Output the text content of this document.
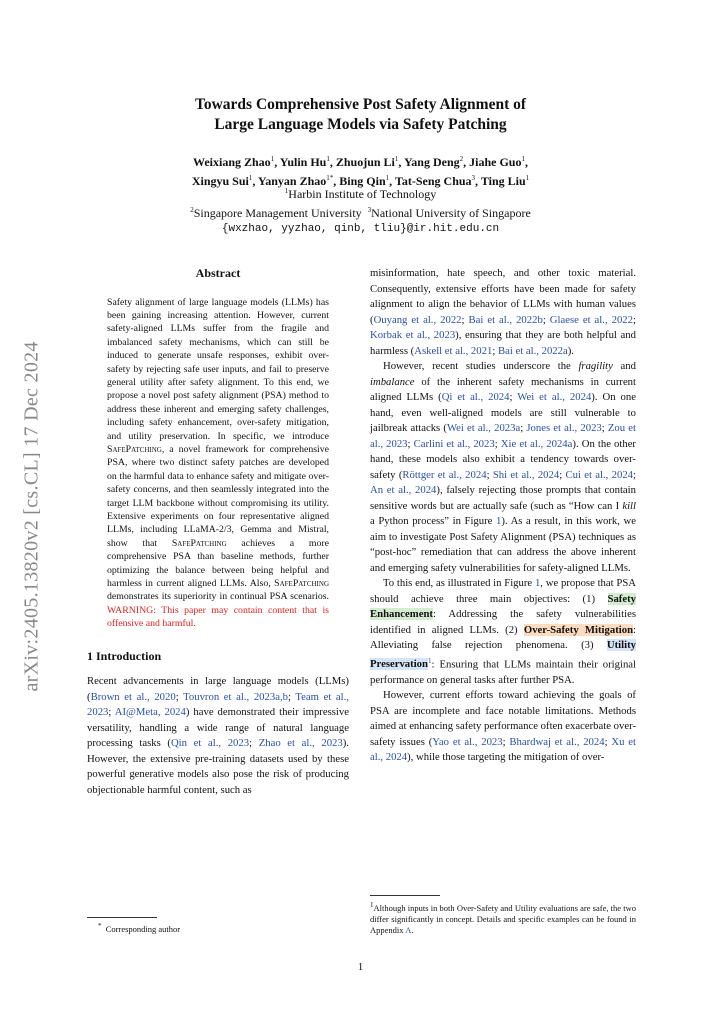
arXiv:2405.13820v2 [cs.CL] 17 Dec 2024
Towards Comprehensive Post Safety Alignment of
Large Language Models via Safety Patching
Weixiang Zhao$^1$, Yulin Hu$^1$, Zhuojun Li$^1$, Yang Deng$^2$, Jiahe Guo$^1$,
Xingyu Sui$^1$, Yanyan Zhao$^{1*}$, Bing Qin$^1$, Tat-Seng Chua$^3$, Ting Liu$^1$
$^1$Harbin Institute of Technology
$^2$Singapore Management University $^3$National University of Singapore
{wxzhao, yyzhao, qinb, tliu}@ir.hit.edu.cn
Abstract

Safety alignment of large language models (LLMs) has been gaining increasing attention. However, current safety-aligned LLMs suffer from the fragile and imbalanced safety mechanisms, which can still be induced to generate unsafe responses, exhibit over-safety by rejecting safe user inputs, and fail to preserve general utility after safety alignment. To this end, we propose a novel post safety alignment (PSA) method to address these inherent and emerging safety challenges, including safety enhancement, over-safety mitigation, and utility preservation. In specific, we introduce SafePatching, a novel framework for comprehensive PSA, where two distinct safety patches are developed on the harmful data to enhance safety and mitigate over-safety concerns, and then seamlessly integrated into the target LLM backbone without compromising its utility. Extensive experiments on four representative aligned LLMs, including LLaMA-2/3, Gemma and Mistral, show that SafePatching achieves a more comprehensive PSA than baseline methods, further optimizing the balance between being helpful and harmless in current aligned LLMs. Also, SafePatching demonstrates its superiority in continual PSA scenarios. WARNING: This paper may contain content that is offensive and harmful.

1 Introduction

Recent advancements in large language models (LLMs) (Brown et al., 2020; Touvron et al., 2023a,b; Team et al., 2023; AI@Meta, 2024) have demonstrated their impressive versatility, handling a wide range of natural language processing tasks (Qin et al., 2023; Zhao et al., 2023). However, the extensive pre-training datasets used by these powerful generative models also pose the risk of producing objectionable harmful content, such as

misinformation, hate speech, and other toxic material. Consequently, extensive efforts have been made for safety alignment to align the behavior of LLMs with human values (Ouyang et al., 2022; Bai et al., 2022b; Glaese et al., 2022; Korbak et al., 2023), ensuring that they are both helpful and harmless (Askell et al., 2021; Bai et al., 2022a).

However, recent studies underscore the fragility and imbalance of the inherent safety mechanisms in current aligned LLMs (Qi et al., 2024; Wei et al., 2024). On one hand, even well-aligned models are still vulnerable to jailbreak attacks (Wei et al., 2023a; Jones et al., 2023; Zou et al., 2023; Carlini et al., 2023; Xie et al., 2024a). On the other hand, these models also exhibit a tendency towards over-safety (Röttger et al., 2024; Shi et al., 2024; Cui et al., 2024; An et al., 2024), falsely rejecting those prompts that contain sensitive words but are actually safe (such as “How can I kill a Python process” in Figure 1). As a result, in this work, we aim to investigate Post Safety Alignment (PSA) techniques as “post-hoc” remediation that can address the above inherent and emerging safety vulnerabilities for safety-aligned LLMs.

To this end, as illustrated in Figure 1, we propose that PSA should achieve three main objectives: (1) Safety Enhancement: Addressing the safety vulnerabilities identified in aligned LLMs. (2) Over-Safety Mitigation: Alleviating false rejection phenomena. (3) Utility Preservation$^1$: Ensuring that LLMs maintain their original performance on general tasks after further PSA.

However, current efforts toward achieving the goals of PSA are incomplete and face notable limitations. Methods aimed at enhancing safety performance often exacerbate over-safety issues (Yao et al., 2023; Bhardwaj et al., 2024; Xu et al., 2024), while those targeting the mitigation of over-

$^1$Although inputs in both Over-Safety and Utility evaluations are safe, the two differ significantly in concept. Details and specific examples can be found in Appendix A.
* Corresponding author
1
